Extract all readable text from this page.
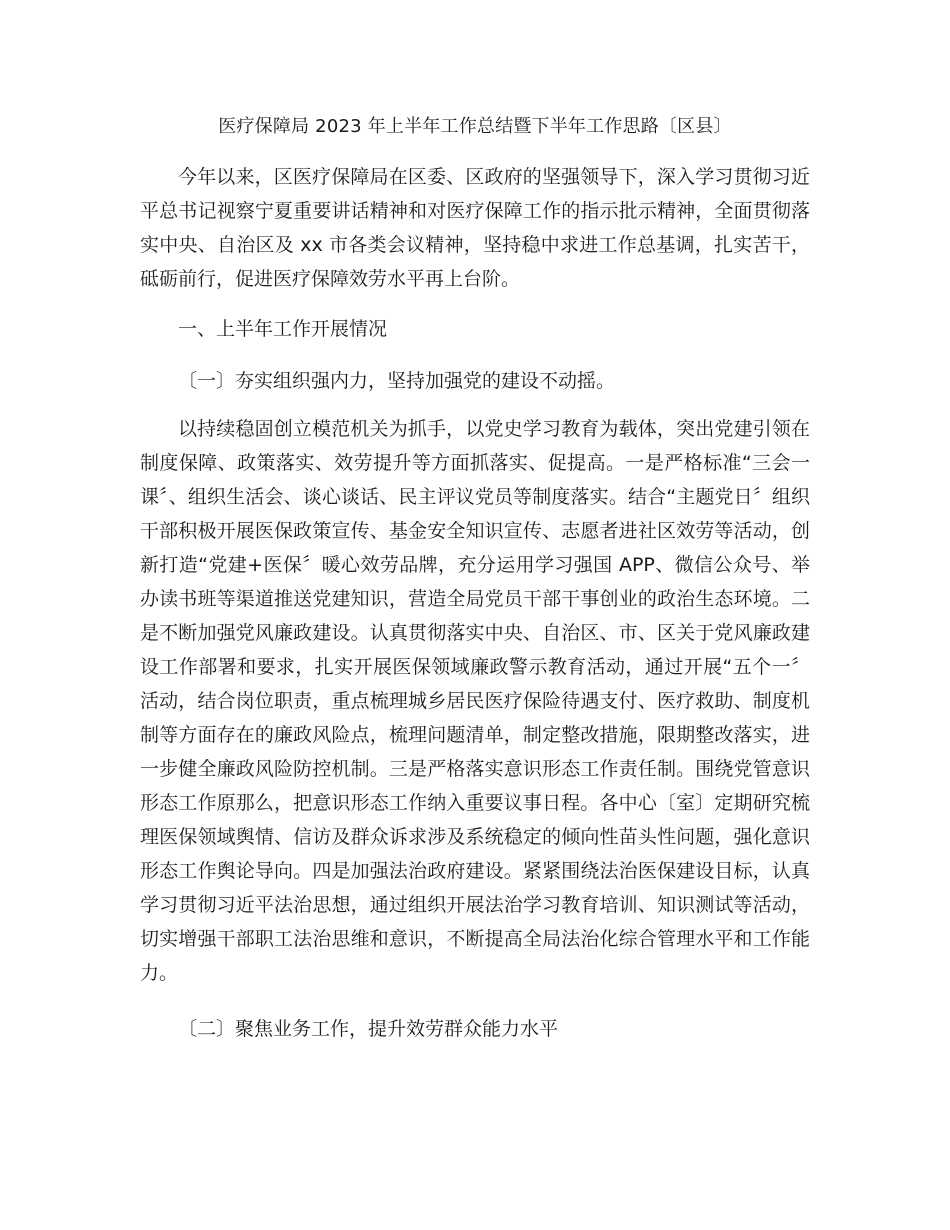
医疗保障局 2023 年上半年工作总结暨下半年工作思路〔区县〕

今年以来，区医疗保障局在区委、区政府的坚强领导下，深入学习贯彻习近平总书记视察宁夏重要讲话精神和对医疗保障工作的指示批示精神，全面贯彻落实中央、自治区及 xx 市各类会议精神，坚持稳中求进工作总基调，扎实苦干，砥砺前行，促进医疗保障效劳水平再上台阶。

一、上半年工作开展情况
〔一〕夯实组织强内力，坚持加强党的建设不动摇。

以持续稳固创立模范机关为抓手，以党史学习教育为载体，突出党建引领在制度保障、政策落实、效劳提升等方面抓落实、促提高。一是严格标准“三会一课〞、组织生活会、谈心谈话、民主评议党员等制度落实。结合“主题党日〞组织干部积极开展医保政策宣传、基金安全知识宣传、志愿者进社区效劳等活动，创新打造“党建+医保〞暖心效劳品牌，充分运用学习强国 APP、微信公众号、举办读书班等渠道推送党建知识，营造全局党员干部干事创业的政治生态环境。二是不断加强党风廉政建设。认真贯彻落实中央、自治区、市、区关于党风廉政建设工作部署和要求，扎实开展医保领域廉政警示教育活动，通过开展“五个一〞活动，结合岗位职责，重点梳理城乡居民医疗保险待遇支付、医疗救助、制度机制等方面存在的廉政风险点，梳理问题清单，制定整改措施，限期整改落实，进一步健全廉政风险防控机制。三是严格落实意识形态工作责任制。围绕党管意识形态工作原那么，把意识形态工作纳入重要议事日程。各中心〔室〕定期研究梳理医保领域舆情、信访及群众诉求涉及系统稳定的倾向性苗头性问题，强化意识形态工作舆论导向。四是加强法治政府建设。紧紧围绕法治医保建设目标，认真学习贯彻习近平法治思想，通过组织开展法治学习教育培训、知识测试等活动，切实增强干部职工法治思维和意识，不断提高全局法治化综合管理水平和工作能力。

〔二〕聚焦业务工作，提升效劳群众能力水平
